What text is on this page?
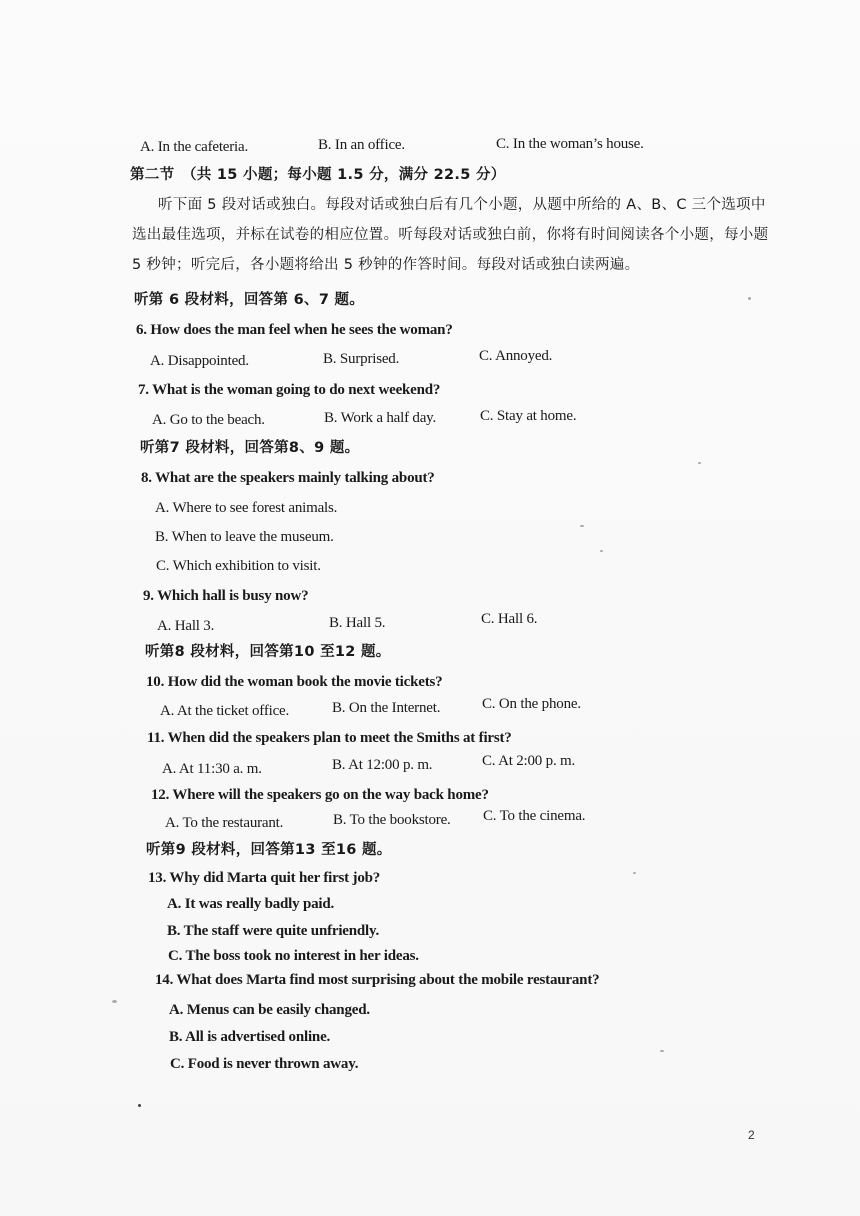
A. In the cafeteria.	B. In an office.	C. In the woman’s house.
第二节　（共 15 小题；每小题 1.5 分，满分 22.5 分）
听下面 5 段对话或独白。每段对话或独白后有几个小题，从题中所给的 A、B、C 三个选项中
选出最佳选项，并标在试卷的相应位置。听每段对话或独白前，你将有时间阅读各个小题，每小题
5 秒钟；听完后，各小题将给出 5 秒钟的作答时间。每段对话或独白读两遍。
听第 6 段材料，回答第 6、7 题。
6. How does the man feel when he sees the woman?
A. Disappointed.	B. Surprised.	C. Annoyed.
7. What is the woman going to do next weekend?
A. Go to the beach.	B. Work a half day.	C. Stay at home.
听第7 段材料，回答第8、9 题。
8. What are the speakers mainly talking about?
A. Where to see forest animals.
B. When to leave the museum.
C. Which exhibition to visit.
9. Which hall is busy now?
A. Hall 3.	B. Hall 5.	C. Hall 6.
听第8 段材料，回答第10 至12 题。
10. How did the woman book the movie tickets?
A. At the ticket office.	B. On the Internet.	C. On the phone.
11. When did the speakers plan to meet the Smiths at first?
A. At 11:30 a. m.	B. At 12:00 p. m.	C. At 2:00 p. m.
12. Where will the speakers go on the way back home?
A. To the restaurant.	B. To the bookstore. C. To the cinema.
听第9 段材料，回答第13 至16 题。
13. Why did Marta quit her first job?
A. It was really badly paid.
B. The staff were quite unfriendly.
C. The boss took no interest in her ideas.
14. What does Marta find most surprising about the mobile restaurant?
A. Menus can be easily changed.
B. All is advertised online.
C. Food is never thrown away.
2
